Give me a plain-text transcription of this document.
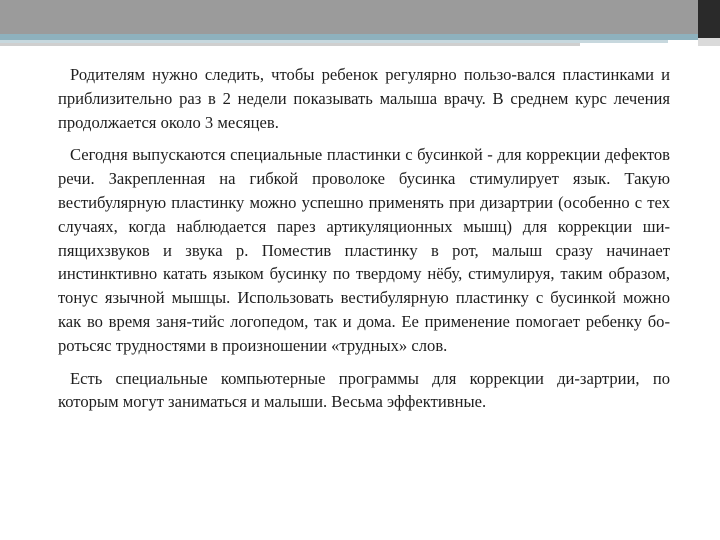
Родителям нужно следить, чтобы ребенок регулярно пользо-вался пластинками и приблизительно раз в 2 недели показывать малыша врачу. В среднем курс лечения продолжается около 3 месяцев.

Сегодня выпускаются специальные пластинки с бусинкой - для коррекции дефектов речи. Закрепленная на гибкой проволоке бусинка стимулирует язык. Такую вестибулярную пластинку можно успешно применять при дизартрии (особенно с тех случаях, когда наблюдается парез артикуляционных мышц) для коррекции ши-пящихзвуков и звука р. Поместив пластинку в рот, малыш сразу начинает инстинктивно катать языком бусинку по твердому нёбу, стимулируя, таким образом, тонус язычной мышцы. Использовать вестибулярную пластинку с бусинкой можно как во время заня-тийс логопедом, так и дома. Ее применение помогает ребенку бо-ротьсяс трудностями в произношении «трудных» слов.

Есть специальные компьютерные программы для коррекции ди-зартрии, по которым могут заниматься и малыши. Весьма эффективные.
